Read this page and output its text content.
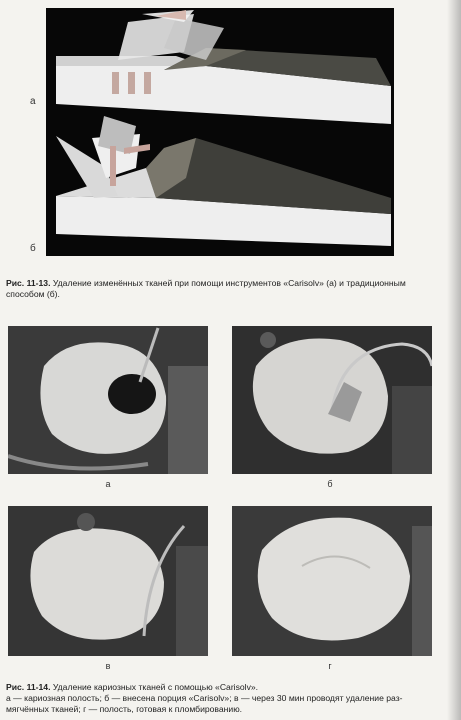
а
б
Рис. 11-13. Удаление изменённых тканей при помощи инструментов «Carisolv» (а) и традиционным способом (б).
а	б
в	г
Рис. 11-14. Удаление кариозных тканей с помощью «Carisolv».
а — кариозная полость; б — внесена порция «Carisolv»; в — через 30 мин проводят удаление раз-
мягчённых тканей; г — полость, готовая к пломбированию.
